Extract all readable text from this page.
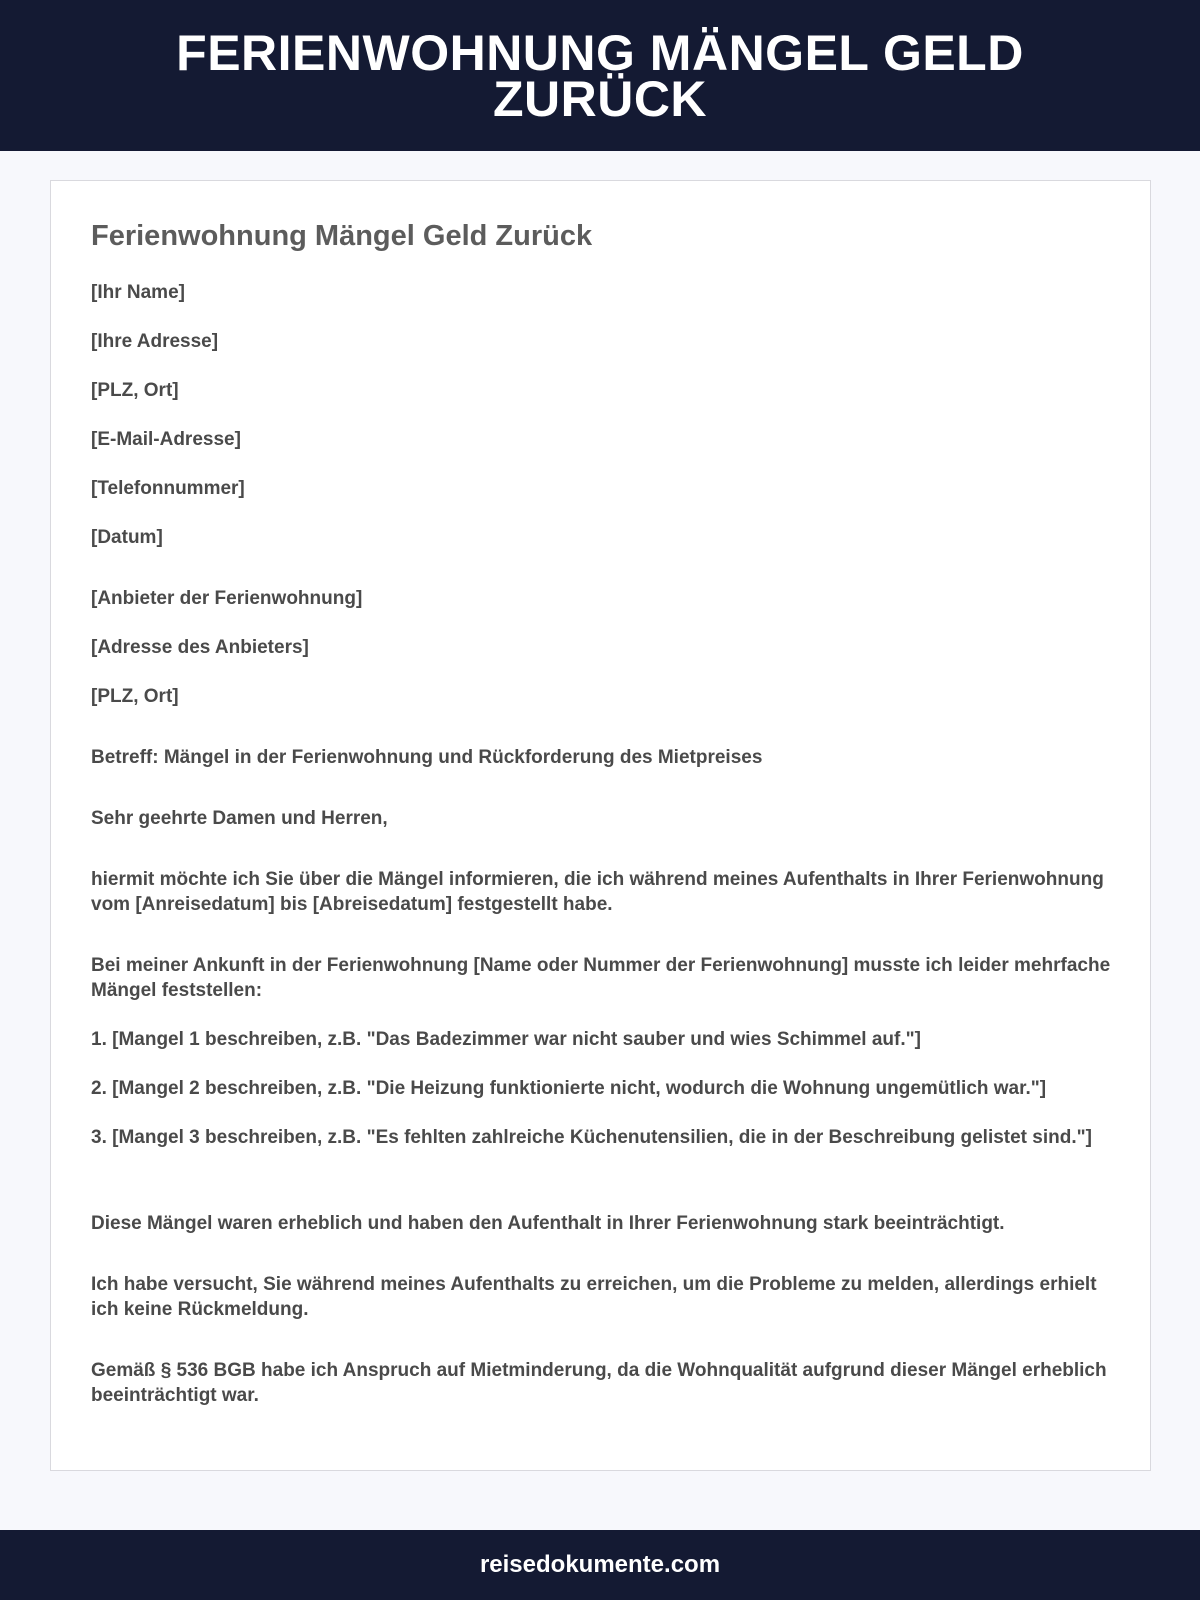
FERIENWOHNUNG MÄNGEL GELD ZURÜCK
Ferienwohnung Mängel Geld Zurück

[Ihr Name]

[Ihre Adresse]

[PLZ, Ort]

[E-Mail-Adresse]

[Telefonnummer]

[Datum]

[Anbieter der Ferienwohnung]

[Adresse des Anbieters]

[PLZ, Ort]

Betreff: Mängel in der Ferienwohnung und Rückforderung des Mietpreises

Sehr geehrte Damen und Herren,

hiermit möchte ich Sie über die Mängel informieren, die ich während meines Aufenthalts in Ihrer Ferienwohnung vom [Anreisedatum] bis [Abreisedatum] festgestellt habe.

Bei meiner Ankunft in der Ferienwohnung [Name oder Nummer der Ferienwohnung] musste ich leider mehrfache Mängel feststellen:

1. [Mangel 1 beschreiben, z.B. "Das Badezimmer war nicht sauber und wies Schimmel auf."]

2. [Mangel 2 beschreiben, z.B. "Die Heizung funktionierte nicht, wodurch die Wohnung ungemütlich war."]

3. [Mangel 3 beschreiben, z.B. "Es fehlten zahlreiche Küchenutensilien, die in der Beschreibung gelistet sind."]

Diese Mängel waren erheblich und haben den Aufenthalt in Ihrer Ferienwohnung stark beeinträchtigt.

Ich habe versucht, Sie während meines Aufenthalts zu erreichen, um die Probleme zu melden, allerdings erhielt ich keine Rückmeldung.

Gemäß § 536 BGB habe ich Anspruch auf Mietminderung, da die Wohnqualität aufgrund dieser Mängel erheblich beeinträchtigt war.

reisedokumente.com
